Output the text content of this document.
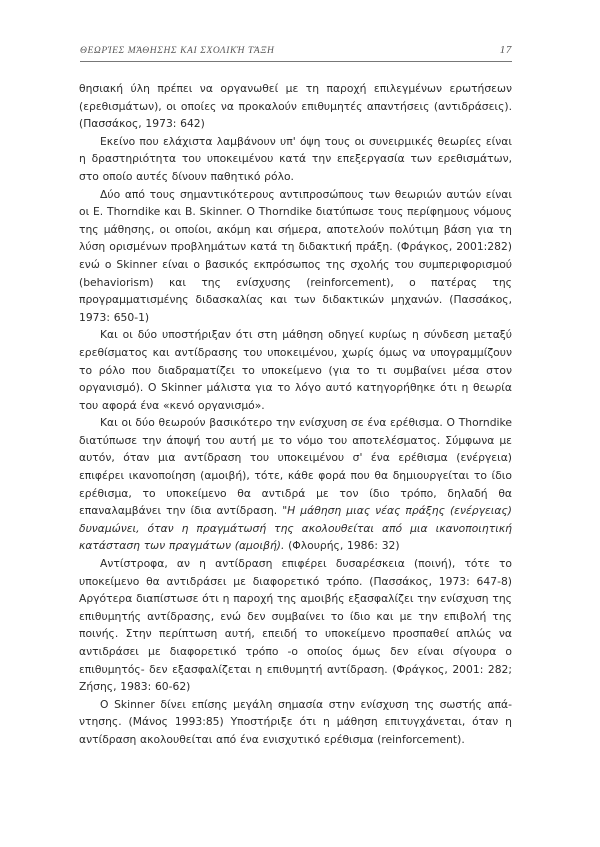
ΘΕΩΡΊΕΣ ΜΆΘΗΣΗΣ ΚΑΙ ΣΧΟΛΙΚΉ ΤΆΞΗ	17

θησιακή ύλη πρέπει να οργανωθεί με τη παροχή επιλεγμένων ερωτήσεων (ερεθισμάτων), οι οποίες να προκαλούν επιθυμητές απαντήσεις (αντιδράσεις). (Πασσάκος, 1973: 642)

Εκείνο που ελάχιστα λαμβάνουν υπ' όψη τους οι συνειρμικές θεωρίες είναι η δραστηριότητα του υποκειμένου κατά την επεξεργασία των ερεθισμάτων, στο οποίο αυτές δίνουν παθητικό ρόλο.

Δύο από τους σημαντικότερους αντιπροσώπους των θεωριών αυτών είναι οι E. Thorndike και B. Skinner. Ο Thorndike διατύπωσε τους περίφημους νόμους της μάθησης, οι οποίοι, ακόμη και σήμερα, αποτελούν πολύτιμη βάση για τη λύση ορισμένων προβλημάτων κατά τη διδακτική πράξη. (Φράγκος, 2001:282) ενώ ο Skinner είναι ο βασικός εκπρόσωπος της σχολής του συμπεριφορισμού (behaviorism) και της ενίσχυσης (reinforcement), ο πατέρας της προγραμματισμένης διδασκαλίας και των διδακτικών μηχανών. (Πασσάκος, 1973: 650-1)

Και οι δύο υποστήριξαν ότι στη μάθηση οδηγεί κυρίως η σύνδεση μεταξύ ερεθίσματος και αντίδρασης του υποκειμένου, χωρίς όμως να υπογραμμίζουν το ρόλο που διαδραματίζει το υποκείμενο (για το τι συμβαίνει μέσα στον οργανισμό). Ο Skinner μάλιστα για το λόγο αυτό κατηγορήθηκε ότι η θεωρία του αφορά ένα «κενό οργανισμό».

Και οι δύο θεωρούν βασικότερο την ενίσχυση σε ένα ερέθισμα. Ο Thorndike διατύπωσε την άποψή του αυτή με το νόμο του αποτελέσματος. Σύμφωνα με αυτόν, όταν μια αντίδραση του υποκειμένου σ' ένα ερέθισμα (ενέργεια) επιφέρει ικανοποίηση (αμοιβή), τότε, κάθε φορά που θα δημιουργείται το ίδιο ερέθισμα, το υποκείμενο θα αντιδρά με τον ίδιο τρόπο, δηλαδή θα επαναλαμβάνει την ίδια αντίδραση. "Η μάθηση μιας νέας πράξης (ενέργειας) δυναμώνει, όταν η πραγμάτωσή της ακολουθείται από μια ικανοποιητική κατάσταση των πραγμάτων (αμοιβή). (Φλουρής, 1986: 32)

Αντίστροφα, αν η αντίδραση επιφέρει δυσαρέσκεια (ποινή), τότε το υποκείμενο θα αντιδράσει με διαφορετικό τρόπο. (Πασσάκος, 1973: 647-8) Αργότερα διαπίστωσε ότι η παροχή της αμοιβής εξασφαλίζει την ενίσχυση της επιθυμητής αντίδρασης, ενώ δεν συμβαίνει το ίδιο και με την επιβολή της ποινής. Στην περίπτωση αυτή, επειδή το υποκείμενο προσπαθεί απλώς να αντιδράσει με διαφορετικό τρόπο -ο οποίος όμως δεν είναι σίγουρα ο επιθυμητός- δεν εξασφαλίζεται η επιθυμητή αντίδραση. (Φράγκος, 2001: 282; Ζήσης, 1983: 60-62)

Ο Skinner δίνει επίσης μεγάλη σημασία στην ενίσχυση της σωστής απάντησης. (Μάνος 1993:85) Υποστήριξε ότι η μάθηση επιτυγχάνεται, όταν η αντίδραση ακολουθείται από ένα ενισχυτικό ερέθισμα (reinforcement).
